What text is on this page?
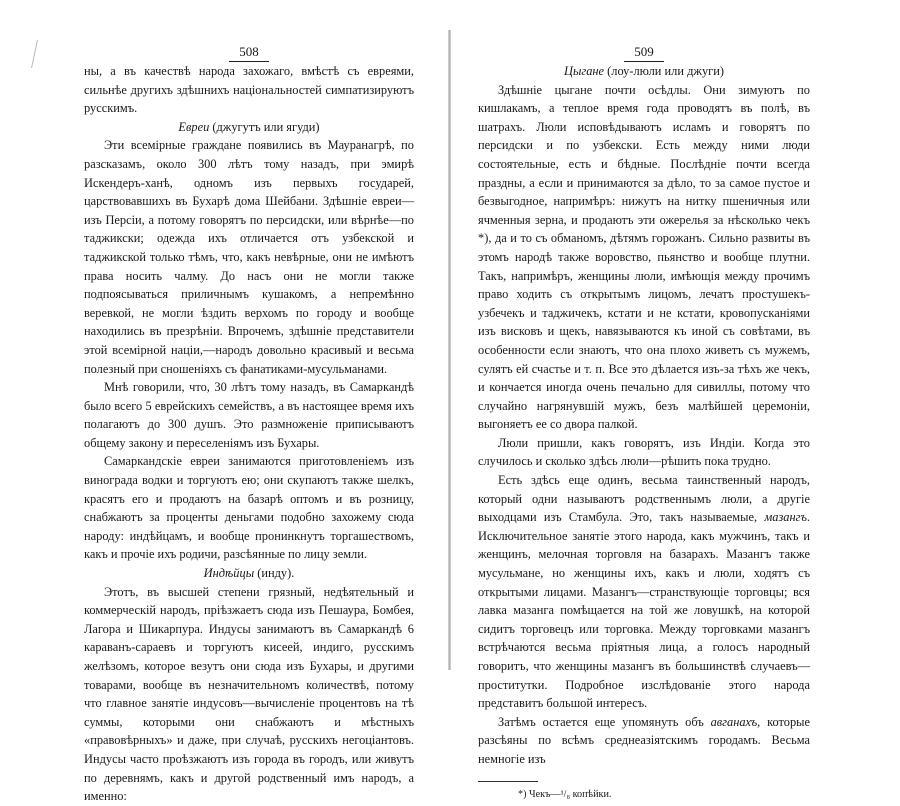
508

ны, а въ качествѣ народа захожаго, вмѣстѣ съ евреями, сильнѣе другихъ здѣшнихъ національностей симпатизируютъ русскимъ.

Евреи (джугутъ или ягуди)

Эти всемірные граждане появились въ Мауранагрѣ, по разсказамъ, около 300 лѣтъ тому назадъ, при эмирѣ Искендеръ-ханѣ, одномъ изъ первыхъ государей, царствовавшихъ въ Бухарѣ дома Шейбани. Здѣшніе евреи—изъ Персіи, а потому говорятъ по персидски, или вѣрнѣе—по таджикски; одежда ихъ отличается отъ узбекской и таджикской только тѣмъ, что, какъ невѣрные, они не имѣютъ права носить чалму. До насъ они не могли также подпоясываться приличнымъ кушакомъ, а непремѣнно веревкой, не могли ѣздить верхомъ по городу и вообще находились въ презрѣніи. Впрочемъ, здѣшніе представители этой всемірной націи,—народъ довольно красивый и весьма полезный при сношеніяхъ съ фанатиками-мусульманами.

Мнѣ говорили, что, 30 лѣтъ тому назадъ, въ Самаркандѣ было всего 5 еврейскихъ семействъ, а въ настоящее время ихъ полагаютъ до 300 душъ. Это размноженіе приписываютъ общему закону и переселеніямъ изъ Бухары.

Самаркандскіе евреи занимаются приготовленіемъ изъ винограда водки и торгуютъ ею; они скупаютъ также шелкъ, красятъ его и продаютъ на базарѣ оптомъ и въ розницу, снабжаютъ за проценты деньгами подобно захожему сюда народу: индѣйцамъ, и вообще пронинкнутъ торгашествомъ, какъ и прочіе ихъ родичи, разсѣянные по лицу земли.

Индѣйцы (инду).

Этотъ, въ высшей степени грязный, недѣятельный и коммерческій народъ, пріѣзжаетъ сюда изъ Пешаура, Бомбея, Лагора и Шикарпура. Индусы занимаютъ въ Самаркандѣ 6 караванъ-сараевъ и торгуютъ кисеей, индиго, русскимъ желѣзомъ, которое везутъ они сюда изъ Бухары, и другими товарами, вообще въ незначительномъ количествѣ, потому что главное занятіе индусовъ—вычисленіе процентовъ на тѣ суммы, которыми они снабжаютъ и мѣстныхъ «правовѣрныхъ» и даже, при случаѣ, русскихъ негоціантовъ. Индусы часто проѣзжаютъ изъ города въ городъ, или живутъ по деревнямъ, какъ и другой родственный имъ народъ, а именно:

509

Цыгане (лоу-люли или джуги)

Здѣшніе цыгане почти осѣдлы. Они зимуютъ по кишлакамъ, а теплое время года проводятъ въ полѣ, въ шатрахъ. Люли исповѣдываютъ исламъ и говорятъ по персидски и по узбекски. Есть между ними люди состоятельные, есть и бѣдные. Послѣдніе почти всегда праздны, а если и принимаются за дѣло, то за самое пустое и безвыгодное, напримѣръ: нижутъ на нитку пшеничныя или ячменныя зерна, и продаютъ эти ожерелья за нѣсколько чекъ *), да и то съ обманомъ, дѣтямъ горожанъ. Сильно развиты въ этомъ народѣ также воровство, пьянство и вообще плутни. Такъ, напримѣръ, женщины люли, имѣющія между прочимъ право ходить съ открытымъ лицомъ, лечатъ простушекъ-узбечекъ и таджичекъ, кстати и не кстати, кровопусканіями изъ висковъ и щекъ, навязываются къ иной съ совѣтами, въ особенности если знаютъ, что она плохо живетъ съ мужемъ, сулятъ ей счастье и т. п. Все это дѣлается изъ-за тѣхъ же чекъ, и кончается иногда очень печально для сивиллы, потому что случайно нагрянувшій мужъ, безъ малѣйшей церемоніи, выгоняетъ ее со двора палкой.

Люли пришли, какъ говорятъ, изъ Индіи. Когда это случилось и сколько здѣсь люли—рѣшить пока трудно.

Есть здѣсь еще одинъ, весьма таинственный народъ, который одни называютъ родственнымъ люли, а другіе выходцами изъ Стамбула. Это, такъ называемые, мазангъ. Исключительное занятіе этого народа, какъ мужчинъ, такъ и женщинъ, мелочная торговля на базарахъ. Мазангъ также мусульмане, но женщины ихъ, какъ и люли, ходятъ съ открытыми лицами. Мазангъ—странствующіе торговцы; вся лавка мазанга помѣщается на той же ловушкѣ, на которой сидитъ торговецъ или торговка. Между торговками мазангъ встрѣчаются весьма пріятныя лица, а голосъ народный говоритъ, что женщины мазангъ въ большинствѣ случаевъ—проститутки. Подробное изслѣдованіе этого народа представитъ большой интересъ.

Затѣмъ остается еще упомянуть объ авганахъ, которые разсѣяны по всѣмъ среднеазіятскимъ городамъ. Весьма немногіе изъ

*) Чекъ—¹/₈ копѣйки.
